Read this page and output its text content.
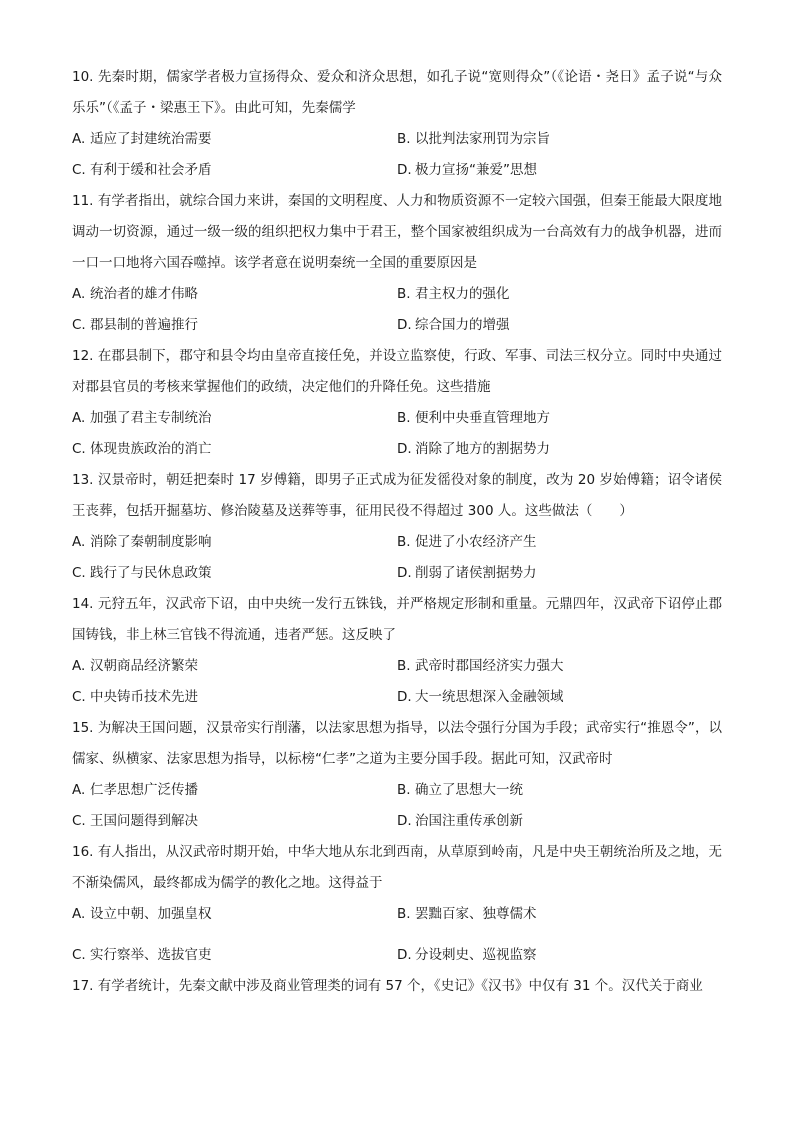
10. 先秦时期，儒家学者极力宣扬得众、爱众和济众思想，如孔子说“宽则得众”（《论语・尧日》孟子说“与众乐乐”（《孟子・梁惠王下》。由此可知，先秦儒学

A. 适应了封建统治需要	B. 以批判法家刑罚为宗旨
C. 有利于缓和社会矛盾	D. 极力宣扬“兼爱”思想

11. 有学者指出，就综合国力来讲，秦国的文明程度、人力和物质资源不一定较六国强，但秦王能最大限度地调动一切资源，通过一级一级的组织把权力集中于君王，整个国家被组织成为一台高效有力的战争机器，进而一口一口地将六国吞噬掉。该学者意在说明秦统一全国的重要原因是

A. 统治者的雄才伟略	B. 君主权力的强化
C. 郡县制的普遍推行	D. 综合国力的增强

12. 在郡县制下，郡守和县令均由皇帝直接任免，并设立监察使，行政、军事、司法三权分立。同时中央通过对郡县官员的考核来掌握他们的政绩，决定他们的升降任免。这些措施

A. 加强了君主专制统治	B. 便利中央垂直管理地方
C. 体现贵族政治的消亡	D. 消除了地方的割据势力

13. 汉景帝时，朝廷把秦时 17 岁傅籍，即男子正式成为征发徭役对象的制度，改为 20 岁始傅籍；诏令诸侯王丧葬，包括开掘墓坊、修治陵墓及送葬等事，征用民役不得超过 300 人。这些做法（　　）

A. 消除了秦朝制度影响	B. 促进了小农经济产生
C. 践行了与民休息政策	D. 削弱了诸侯割据势力

14. 元狩五年，汉武帝下诏，由中央统一发行五铢钱，并严格规定形制和重量。元鼎四年，汉武帝下诏停止郡国铸钱，非上林三官钱不得流通，违者严惩。这反映了

A. 汉朝商品经济繁荣	B. 武帝时郡国经济实力强大
C. 中央铸币技术先进	D. 大一统思想深入金融领域

15. 为解决王国问题，汉景帝实行削藩，以法家思想为指导，以法令强行分国为手段；武帝实行“推恩令”，以儒家、纵横家、法家思想为指导，以标榜“仁孝”之道为主要分国手段。据此可知，汉武帝时

A. 仁孝思想广泛传播	B. 确立了思想大一统
C. 王国问题得到解决	D. 治国注重传承创新

16. 有人指出，从汉武帝时期开始，中华大地从东北到西南，从草原到岭南，凡是中央王朝统治所及之地，无不渐染儒风，最终都成为儒学的教化之地。这得益于

A. 设立中朝、加强皇权	B. 罢黜百家、独尊儒术
C. 实行察举、选拔官吏	D. 分设刺史、巡视监察

17. 有学者统计，先秦文献中涉及商业管理类的词有 57 个，《史记》《汉书》中仅有 31 个。汉代关于商业
